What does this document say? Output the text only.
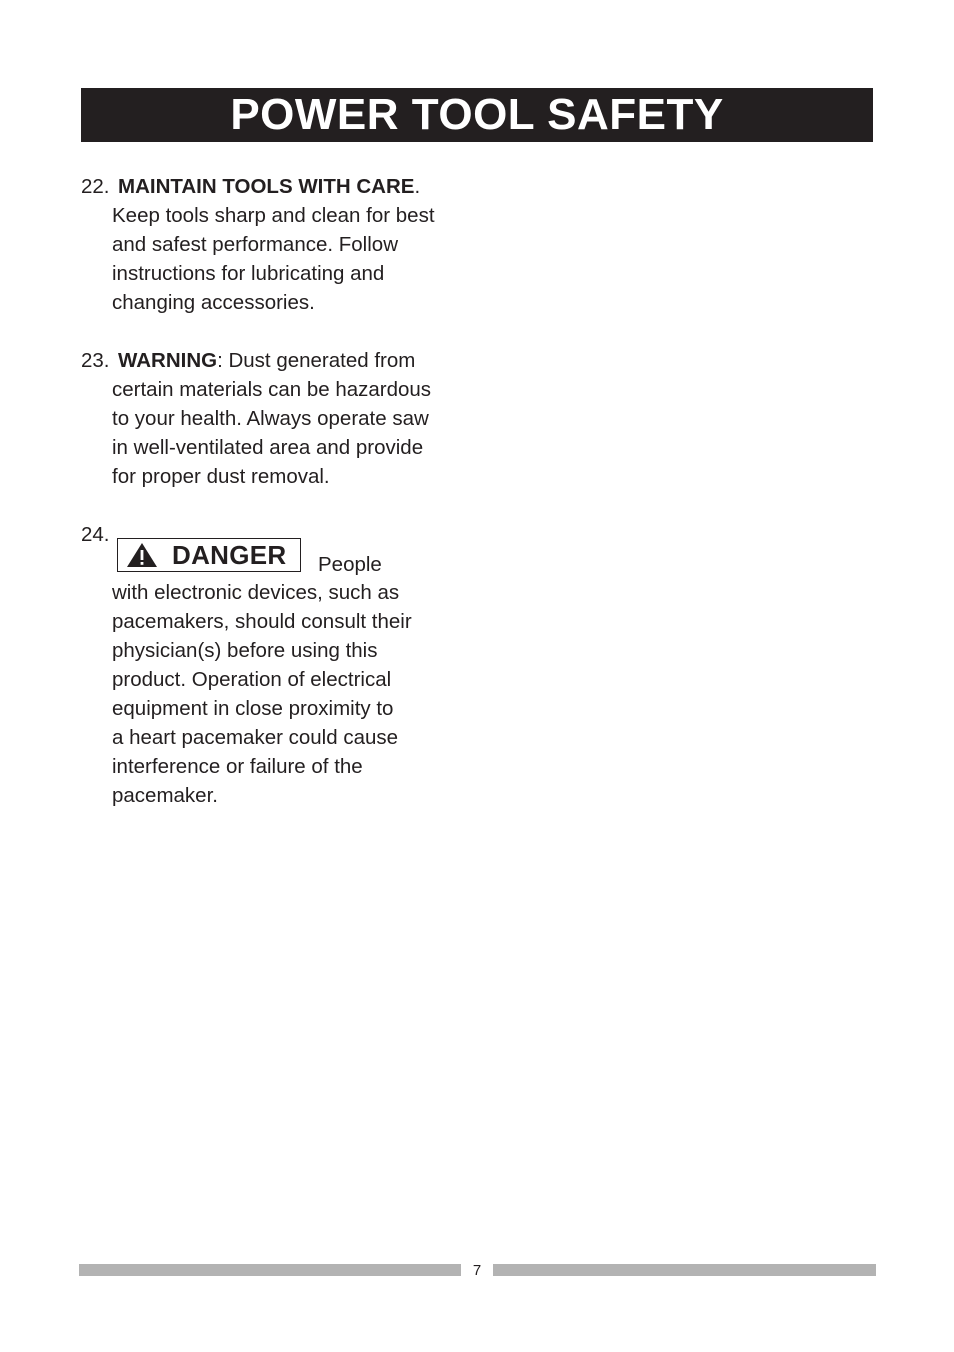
POWER TOOL SAFETY
22. MAINTAIN TOOLS WITH CARE.
Keep tools sharp and clean for best
and safest performance. Follow
instructions for lubricating and
changing accessories.
23. WARNING: Dust generated from
certain materials can be hazardous
to your health. Always operate saw
in well-ventilated area and provide
for proper dust removal.
24.
DANGER People
with electronic devices, such as
pacemakers, should consult their
physician(s) before using this
product. Operation of electrical
equipment in close proximity to
a heart pacemaker could cause
interference or failure of the
pacemaker.
7
